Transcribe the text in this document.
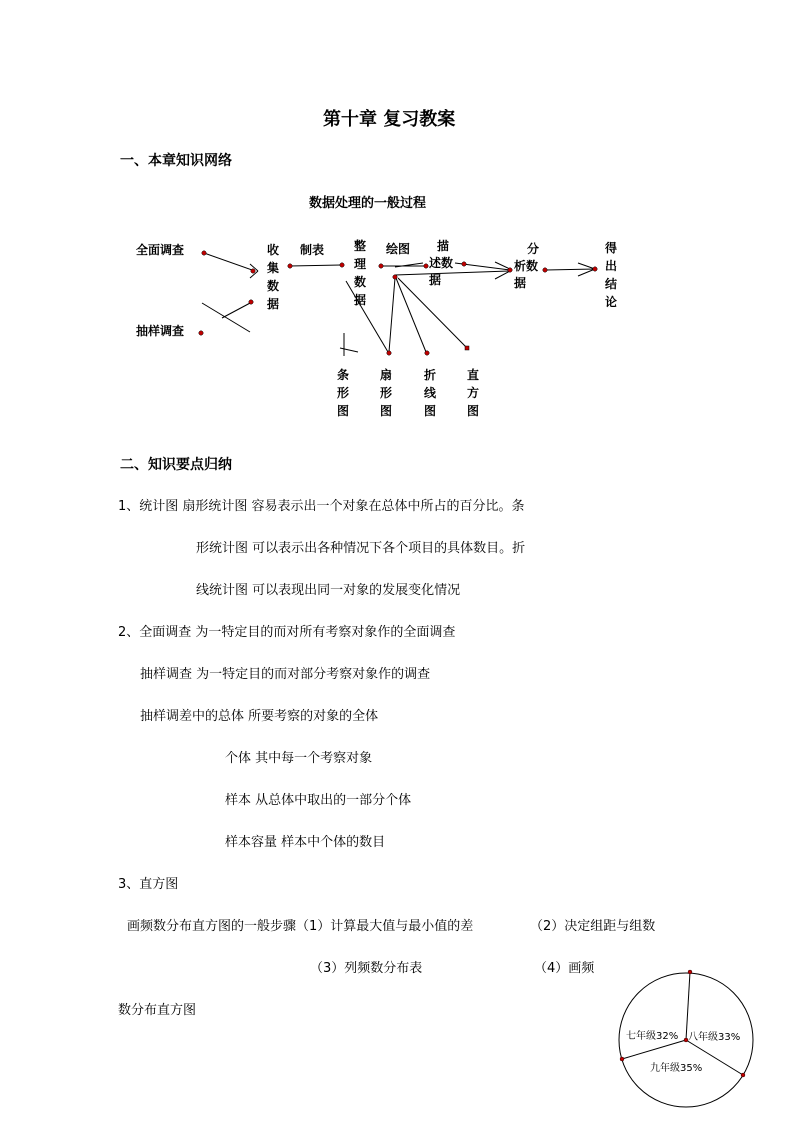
第十章 复习教案
一、本章知识网络
数据处理的一般过程
全面调查
抽样调查
收集数据
制表 整理数据
绘图 描
述数据
分
析数据
得出结论
条形图
扇形图
折线图
直方图
二、知识要点归纳
1、统计图 扇形统计图 容易表示出一个对象在总体中所占的百分比。条
形统计图 可以表示出各种情况下各个项目的具体数目。折
线统计图 可以表现出同一对象的发展变化情况
2、全面调查 为一特定目的而对所有考察对象作的全面调查
抽样调查 为一特定目的而对部分考察对象作的调查
抽样调差中的总体 所要考察的对象的全体
个体 其中每一个考察对象
样本 从总体中取出的一部分个体
样本容量 样本中个体的数目
3、直方图
画频数分布直方图的一般步骤（1）计算最大值与最小值的差	（2）决定组距与组数
（3）列频数分布表	（4）画频
数分布直方图
七年级32% 八年级33%
九年级35%
